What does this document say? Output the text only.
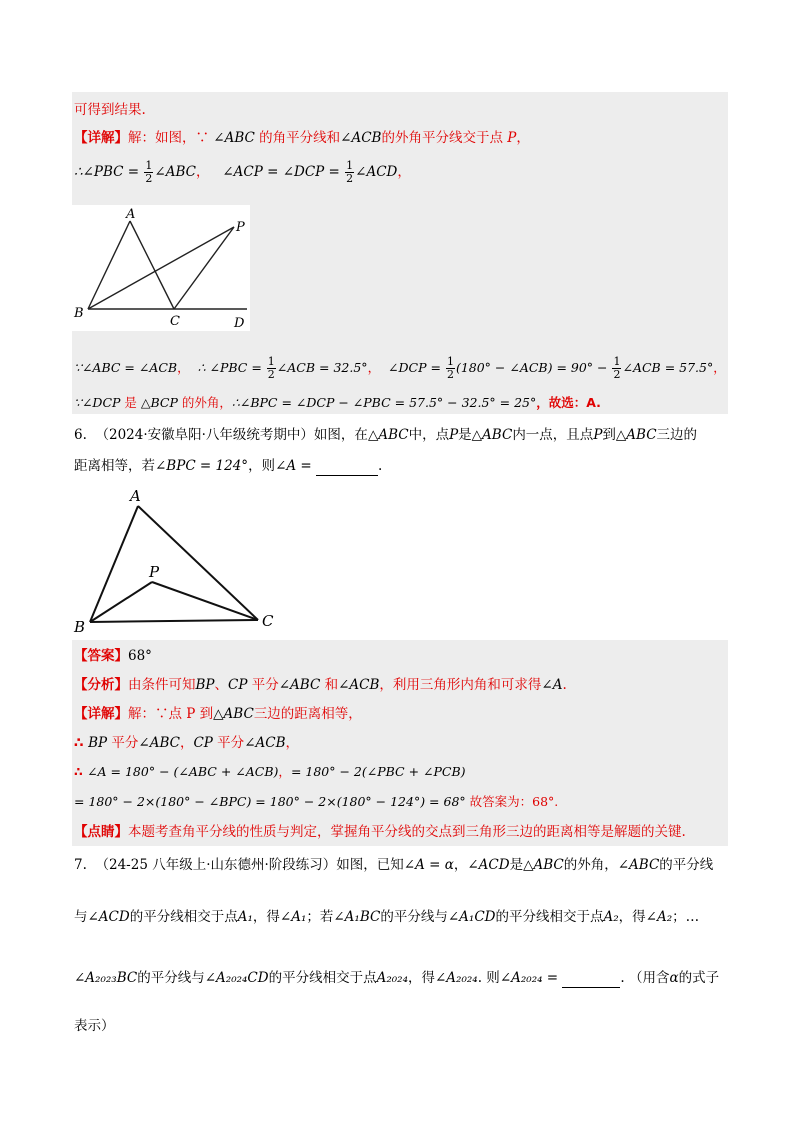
可得到结果.
【详解】解：如图，∵ ∠ABC 的角平分线和∠ACB的外角平分线交于点 P，
∴∠PBC = $\frac{1}{2}$ ∠ABC， ∠ACP = ∠DCP = $\frac{1}{2}$ ∠ACD，
A
P
B
C	D
∵∠ABC = ∠ACB， ∴ ∠PBC = $\frac{1}{2}$ ∠ACB = 32.5°， ∠DCP = $\frac{1}{2} (180^\circ$ − ∠ACB) = $90^\circ - \frac{1}{2}$ ∠ACB = 57.5°，
∵∠DCP 是 △BCP 的外角，∴∠BPC = ∠DCP − ∠PBC = 57.5° − 32.5° = 25°，故选：A.
6. （2024·安徽阜阳·八年级统考期中）如图，在△ABC中，点P是△ABC内一点，且点P到△ABC三边的
距离相等，若∠BPC = 124°，则∠A =	.
A
P
B	C
【答案】68°
【分析】由条件可知BP、CP 平分∠ABC 和∠ACB，利用三角形内角和可求得∠A.
【详解】解：∵点 P 到△ABC三边的距离相等，
∴ BP 平分∠ABC，CP 平分∠ACB，
∴ ∠A = 180° − (∠ABC + ∠ACB)，= 180° − 2(∠PBC + ∠PCB)
= 180° − 2×(180° − ∠BPC) = 180° − 2×(180° − 124°) = 68° 故答案为：68°.
【点睛】本题考查角平分线的性质与判定，掌握角平分线的交点到三角形三边的距离相等是解题的关键.
7. （24-25 八年级上·山东德州·阶段练习）如图，已知∠A = α，∠ACD是△ABC的外角，∠ABC的平分线
与∠ACD的平分线相交于点A₁，得∠A₁；若∠A₁BC的平分线与∠A₁CD的平分线相交于点A₂，得∠A₂；…
∠A₂₀₂₃BC的平分线与∠A₂₀₂₄CD的平分线相交于点A₂₀₂₄，得∠A₂₀₂₄. 则∠A₂₀₂₄ =	. （用含α的式子
表示）
